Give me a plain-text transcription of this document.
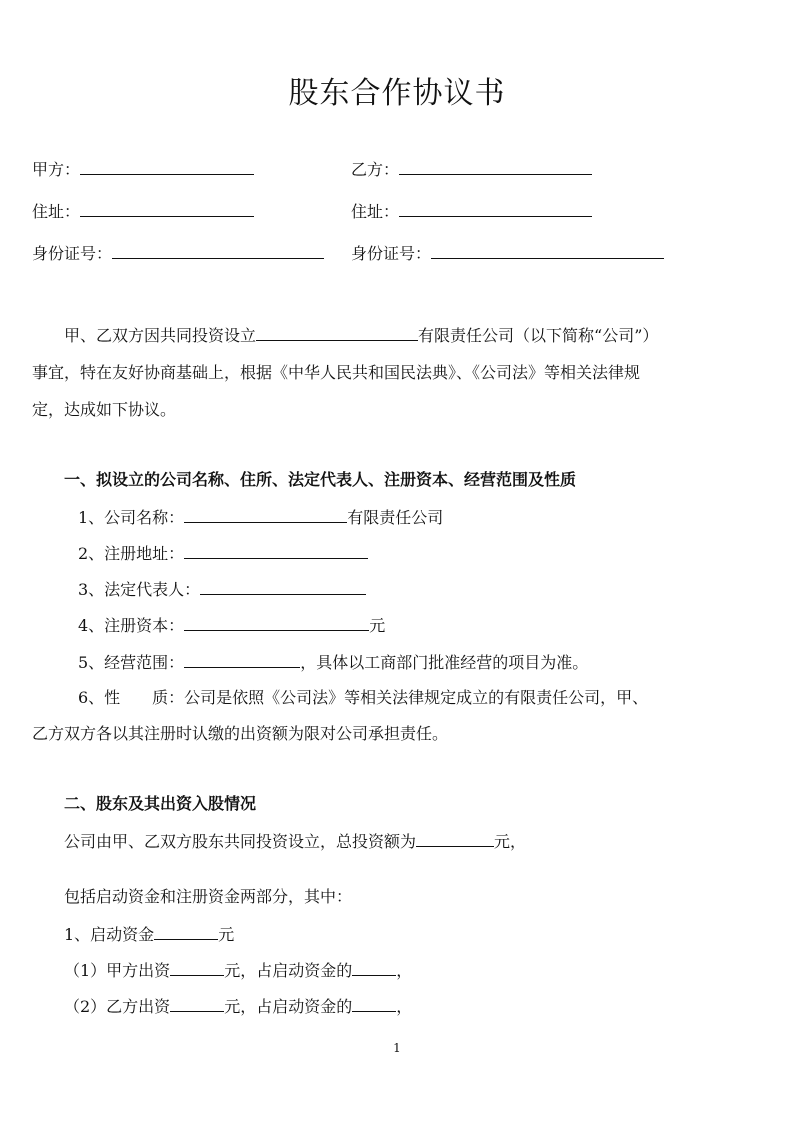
股东合作协议书
甲方：	乙方：
住址：	住址：
身份证号：	身份证号：
甲、乙双方因共同投资设立	有限责任公司（以下简称“公司”）
事宜，特在友好协商基础上，根据《中华人民共和国民法典》、《公司法》等相关法律规
定，达成如下协议。
一、拟设立的公司名称、住所、法定代表人、注册资本、经营范围及性质
1、公司名称：	有限责任公司
2、注册地址：
3、法定代表人：
4、注册资本：	元
5、经营范围：	，具体以工商部门批准经营的项目为准。
6、性　　质：公司是依照《公司法》等相关法律规定成立的有限责任公司，甲、
乙方双方各以其注册时认缴的出资额为限对公司承担责任。
二、股东及其出资入股情况
公司由甲、乙双方股东共同投资设立，总投资额为	元，
包括启动资金和注册资金两部分，其中：
1、启动资金	元
（1）甲方出资	元，占启动资金的	，
（2）乙方出资	元，占启动资金的	，
1
